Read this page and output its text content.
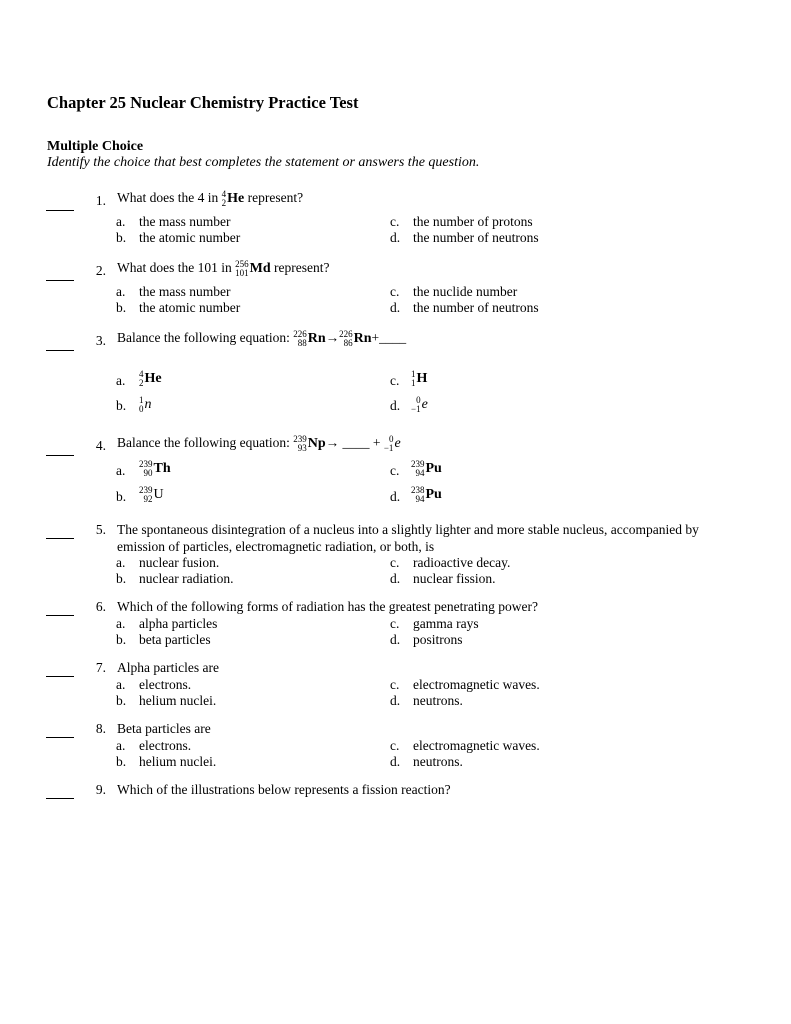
Chapter 25 Nuclear Chemistry Practice Test
Multiple Choice
Identify the choice that best completes the statement or answers the question.
1. What does the 4 in 4
2 He represent?
a.	the mass number
b. the atomic number
c.	the number of protons
d. the number of neutrons
2. What does the 101 in 256
101 Md represent?
a.	the mass number
b. the atomic number
c.	the nuclide number
d. the number of neutrons
3. Balance the following equation: 226
88 Rn→ 226
86 Rn+____
a.	4
2 He
b.	1
0 n
c.	1
1 H
d.	0
−1 e
4. Balance the following equation: 239
93 Np→ ____ + 0
−1 e
a.	239
90 Th
b.	239
92 U
c.	239
94 Pu
d.	238
94 Pu
5. The spontaneous disintegration of a nucleus into a slightly lighter and more stable nucleus, accompanied by emission of particles, electromagnetic radiation, or both, is
a.	nuclear fusion.
b. nuclear radiation.
c.	radioactive decay.
d. nuclear fission.
6. Which of the following forms of radiation has the greatest penetrating power?
a.	alpha particles
b. beta particles
c.	gamma rays
d. positrons
7. Alpha particles are
a.	electrons.
b. helium nuclei.
c.	electromagnetic waves.
d. neutrons.
8. Beta particles are
a.	electrons.
b. helium nuclei.
c.	electromagnetic waves.
d. neutrons.
9. Which of the illustrations below represents a fission reaction?
